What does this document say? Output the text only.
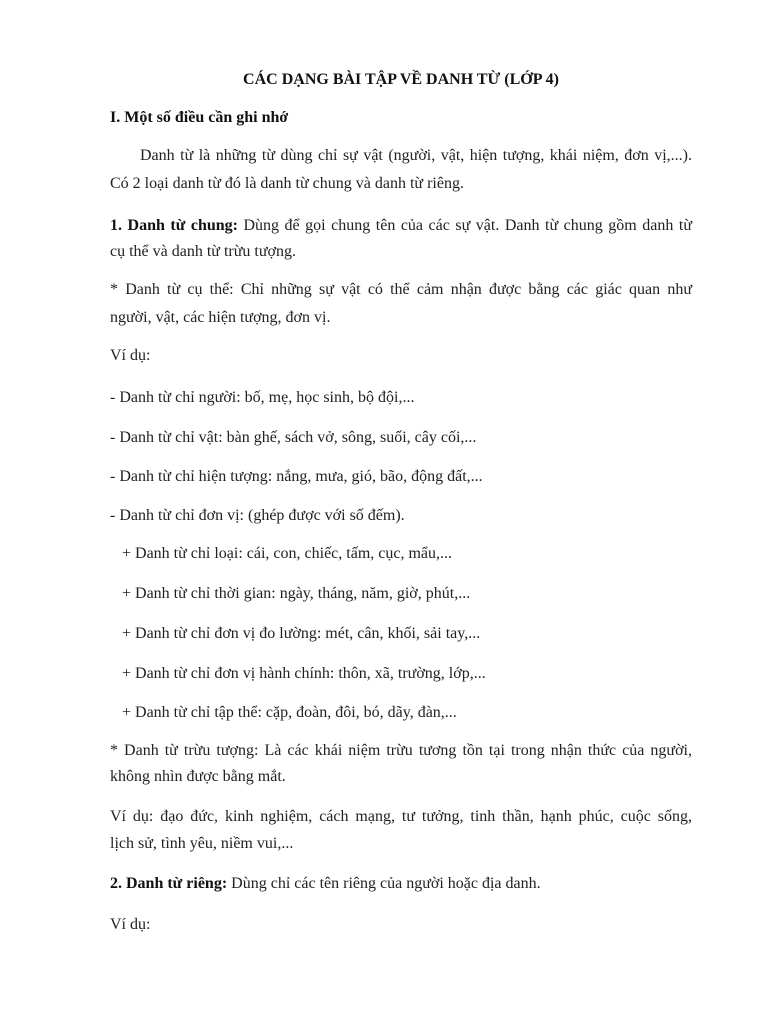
CÁC DẠNG BÀI TẬP VỀ DANH TỪ (LỚP 4)
I. Một số điều cần ghi nhớ
Danh từ là những từ dùng chỉ sự vật (người, vật, hiện tượng, khái niệm, đơn vị,...).
Có 2 loại danh từ đó là danh từ chung và danh từ riêng.
1. Danh từ chung: Dùng để gọi chung tên của các sự vật. Danh từ chung gồm danh từ
cụ thể và danh từ trừu tượng.
* Danh từ cụ thể: Chỉ những sự vật có thể cảm nhận được bằng các giác quan như
người, vật, các hiện tượng, đơn vị.
Ví dụ:
- Danh từ chỉ người: bố, mẹ, học sinh, bộ đội,...
- Danh từ chỉ vật: bàn ghế, sách vở, sông, suối, cây cối,...
- Danh từ chỉ hiện tượng: nắng, mưa, gió, bão, động đất,...
- Danh từ chỉ đơn vị: (ghép được với số đếm).
+ Danh từ chỉ loại: cái, con, chiếc, tấm, cục, mẩu,...
+ Danh từ chỉ thời gian: ngày, tháng, năm, giờ, phút,...
+ Danh từ chỉ đơn vị đo lường: mét, cân, khối, sải tay,...
+ Danh từ chỉ đơn vị hành chính: thôn, xã, trường, lớp,...
+ Danh từ chỉ tập thể: cặp, đoàn, đôi, bó, dãy, đàn,...
* Danh từ trừu tượng: Là các khái niệm trừu tương tồn tại trong nhận thức của người,
không nhìn được bằng mắt.
Ví dụ: đạo đức, kinh nghiệm, cách mạng, tư tưởng, tinh thần, hạnh phúc, cuộc sống,
lịch sử, tình yêu, niềm vui,...
2. Danh từ riêng: Dùng chỉ các tên riêng của người hoặc địa danh.
Ví dụ:
